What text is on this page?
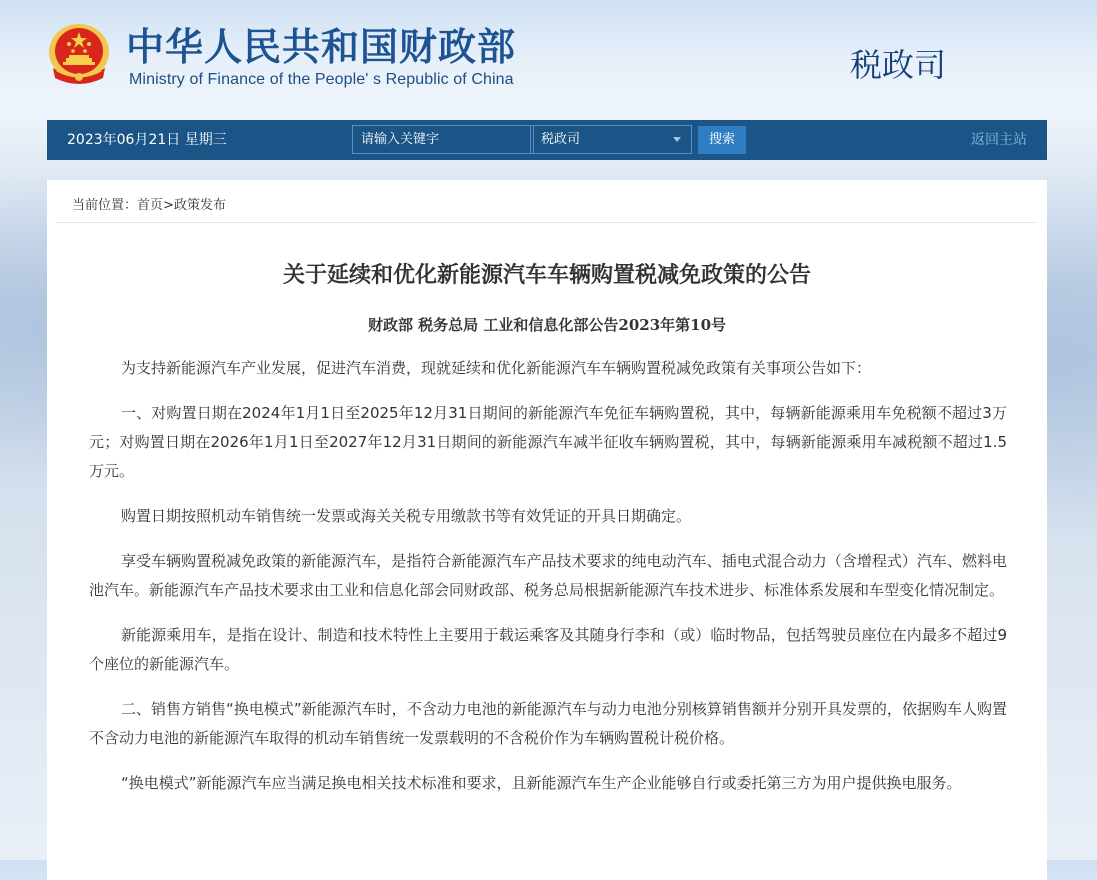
中华人民共和国财政部
Ministry of Finance of the People' s Republic of China	税政司
2023年06月21日 星期三
请输入关键字	税政司	搜索	返回主站
当前位置：首页>政策发布
关于延续和优化新能源汽车车辆购置税减免政策的公告
财政部 税务总局 工业和信息化部公告2023年第10号

为支持新能源汽车产业发展，促进汽车消费，现就延续和优化新能源汽车车辆购置税减免政策有关事项公告如下：

一、对购置日期在2024年1月1日至2025年12月31日期间的新能源汽车免征车辆购置税，其中，每辆新能源乘用车免税额不超过3万元；对购置日期在2026年1月1日至2027年12月31日期间的新能源汽车减半征收车辆购置税，其中，每辆新能源乘用车减税额不超过1.5万元。

购置日期按照机动车销售统一发票或海关关税专用缴款书等有效凭证的开具日期确定。

享受车辆购置税减免政策的新能源汽车，是指符合新能源汽车产品技术要求的纯电动汽车、插电式混合动力（含增程式）汽车、燃料电池汽车。新能源汽车产品技术要求由工业和信息化部会同财政部、税务总局根据新能源汽车技术进步、标准体系发展和车型变化情况制定。

新能源乘用车，是指在设计、制造和技术特性上主要用于载运乘客及其随身行李和（或）临时物品，包括驾驶员座位在内最多不超过9个座位的新能源汽车。

二、销售方销售“换电模式”新能源汽车时，不含动力电池的新能源汽车与动力电池分别核算销售额并分别开具发票的，依据购车人购置不含动力电池的新能源汽车取得的机动车销售统一发票载明的不含税价作为车辆购置税计税价格。

“换电模式”新能源汽车应当满足换电相关技术标准和要求，且新能源汽车生产企业能够自行或委托第三方为用户提供换电服务。
